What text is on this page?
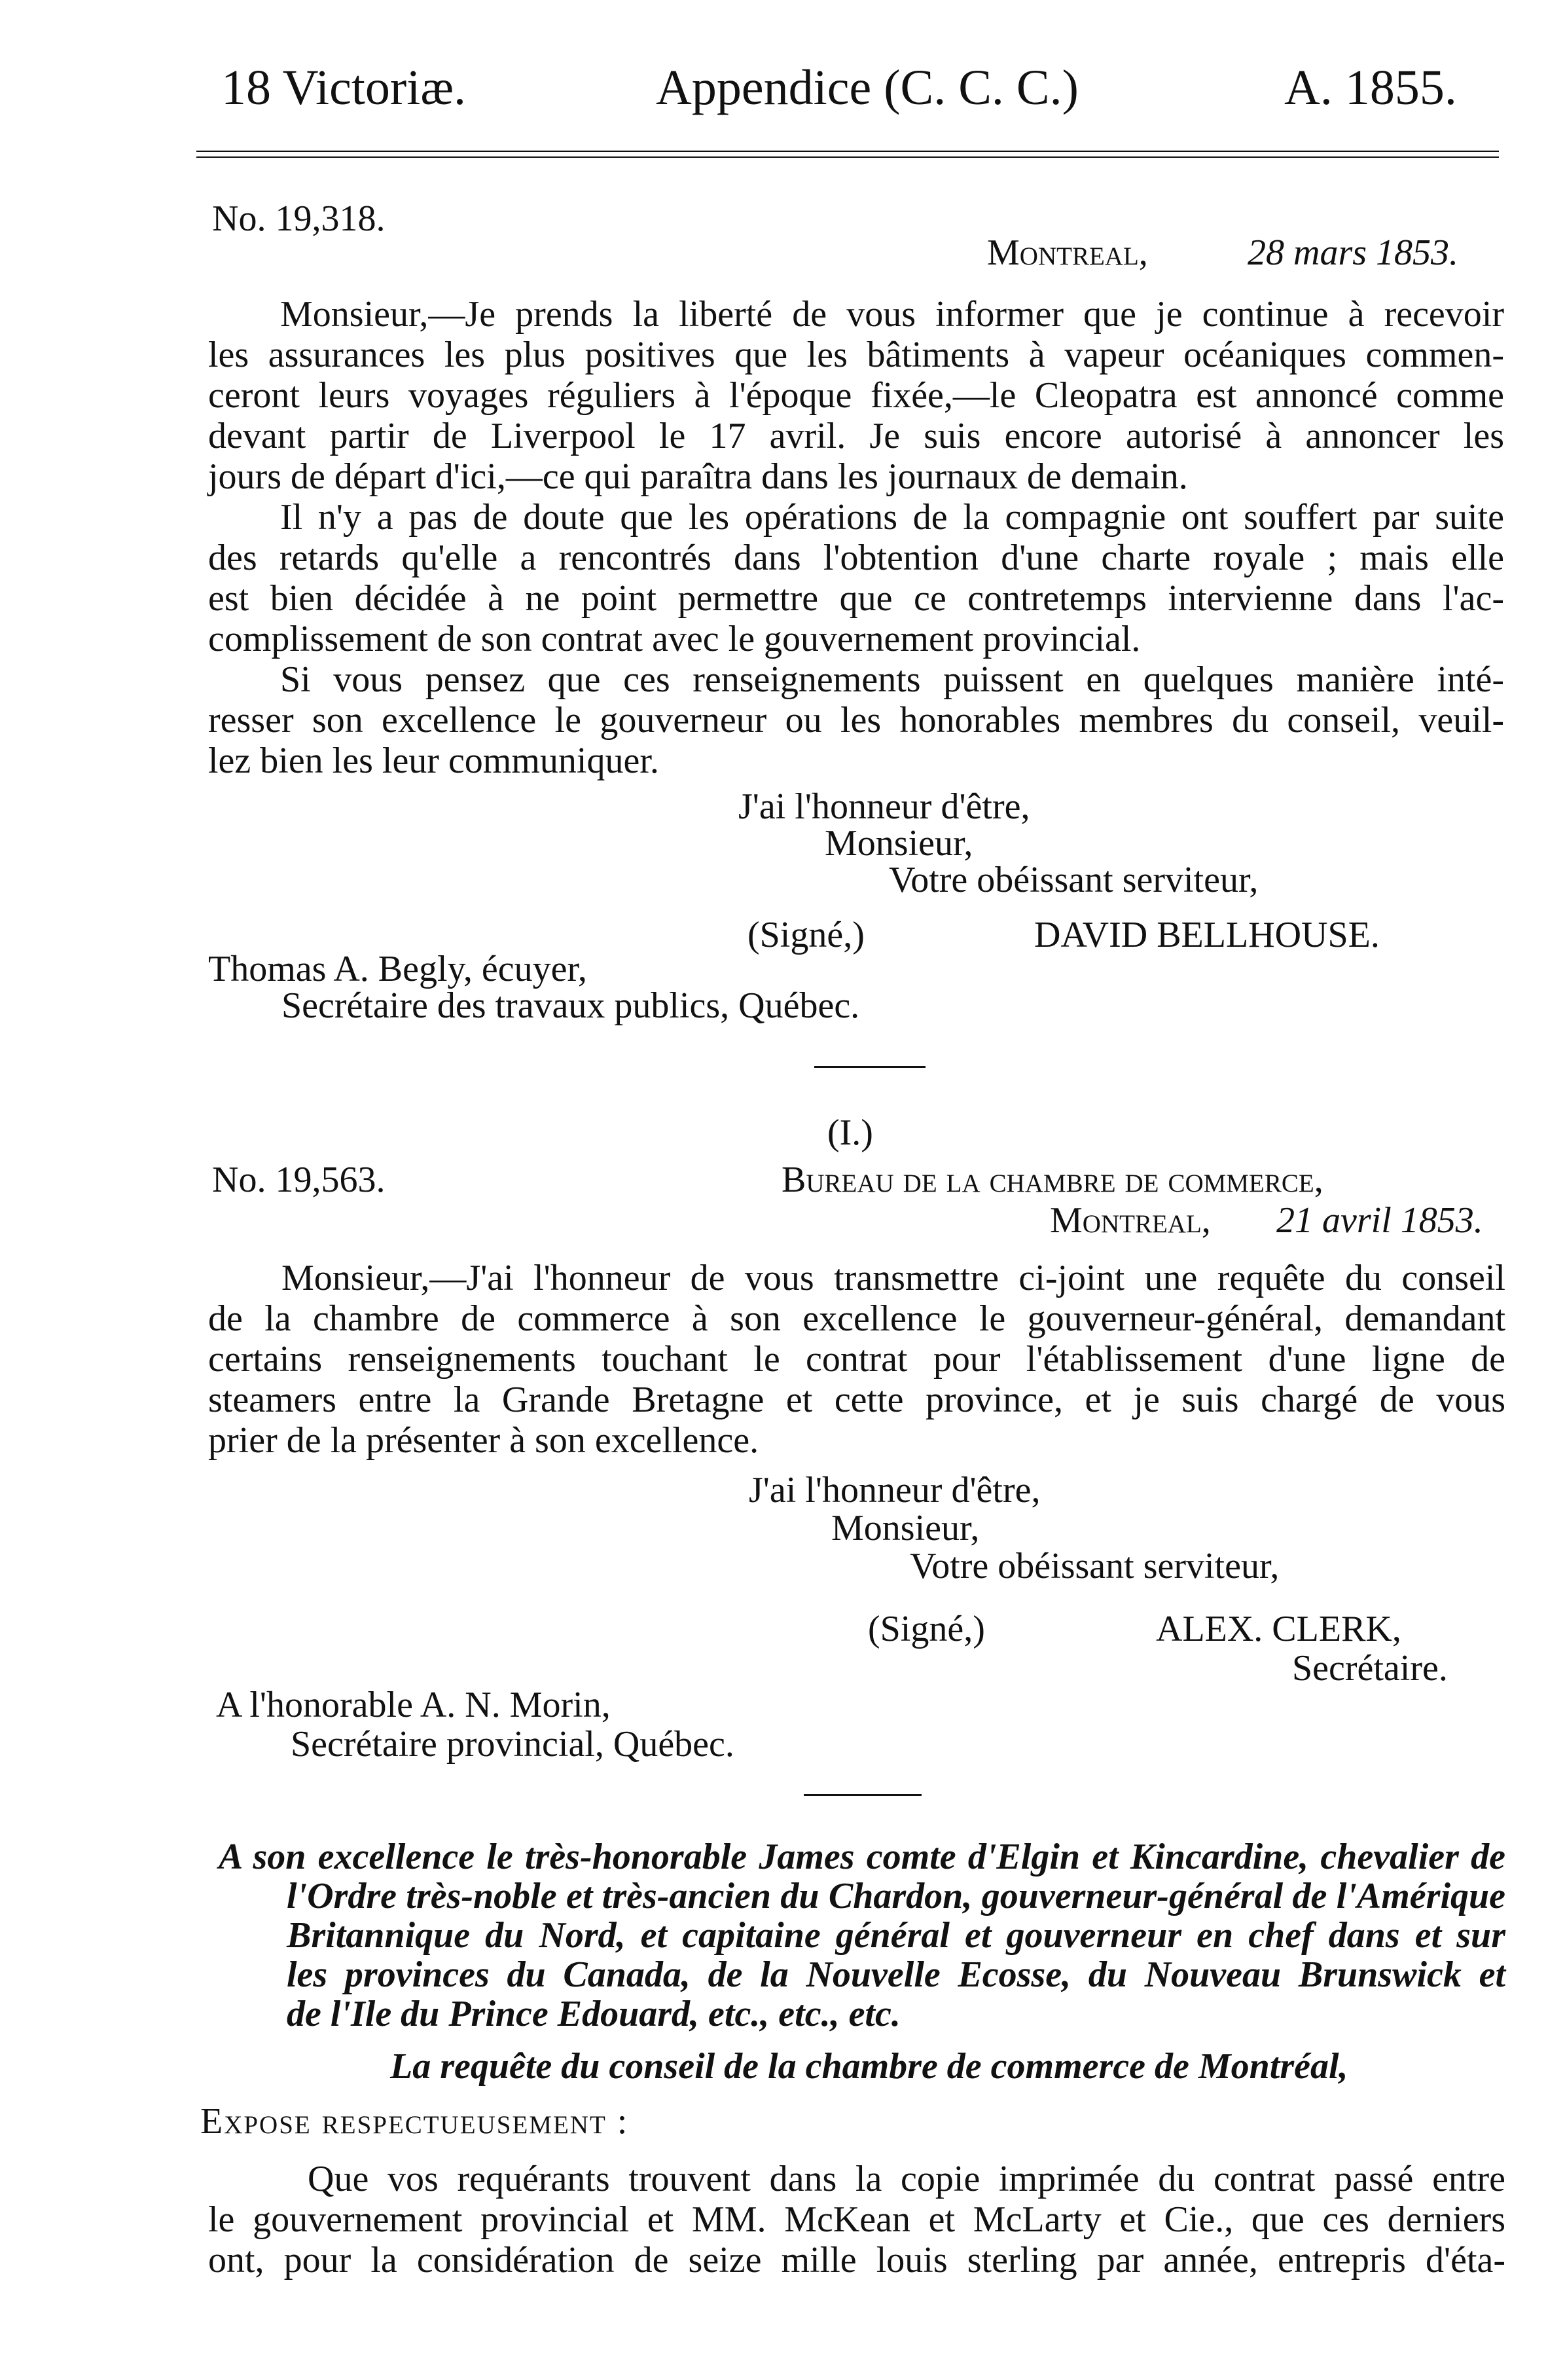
18 Victoriæ.	Appendice (C. C. C.)	A. 1855.
No. 19,318.
Montreal,	28 mars 1853.
Monsieur,—Je prends la liberté de vous informer que je continue à recevoir
les assurances les plus positives que les bâtiments à vapeur océaniques commen-
ceront leurs voyages réguliers à l'époque fixée,—le Cleopatra est annoncé comme
devant partir de Liverpool le 17 avril. Je suis encore autorisé à annoncer les
jours de départ d'ici,—ce qui paraîtra dans les journaux de demain.
Il n'y a pas de doute que les opérations de la compagnie ont souffert par suite
des retards qu'elle a rencontrés dans l'obtention d'une charte royale ; mais elle
est bien décidée à ne point permettre que ce contretemps intervienne dans l'ac-
complissement de son contrat avec le gouvernement provincial.
Si vous pensez que ces renseignements puissent en quelques manière inté-
resser son excellence le gouverneur ou les honorables membres du conseil, veuil-
lez bien les leur communiquer.
J'ai l'honneur d'être,
Monsieur,
Votre obéissant serviteur,
(Signé,)	DAVID BELLHOUSE.
Thomas A. Begly, écuyer,
Secrétaire des travaux publics, Québec.
(I.)
No. 19,563.	Bureau de la chambre de commerce,
Montreal, 21 avril 1853.
Monsieur,—J'ai l'honneur de vous transmettre ci-joint une requête du conseil
de la chambre de commerce à son excellence le gouverneur-général, demandant
certains renseignements touchant le contrat pour l'établissement d'une ligne de
steamers entre la Grande Bretagne et cette province, et je suis chargé de vous
prier de la présenter à son excellence.
J'ai l'honneur d'être,
Monsieur,
Votre obéissant serviteur,
(Signé,)	ALEX. CLERK,
Secrétaire.
A l'honorable A. N. Morin,
Secrétaire provincial, Québec.
A son excellence le très-honorable James comte d'Elgin et Kincardine, chevalier de
l'Ordre très-noble et très-ancien du Chardon, gouverneur-général de l'Amérique
Britannique du Nord, et capitaine général et gouverneur en chef dans et sur
les provinces du Canada, de la Nouvelle Ecosse, du Nouveau Brunswick et
de l'Ile du Prince Edouard, etc., etc., etc.
La requête du conseil de la chambre de commerce de Montréal,
Expose respectueusement :
Que vos requérants trouvent dans la copie imprimée du contrat passé entre
le gouvernement provincial et MM. McKean et McLarty et Cie., que ces derniers
ont, pour la considération de seize mille louis sterling par année, entrepris d'éta-
